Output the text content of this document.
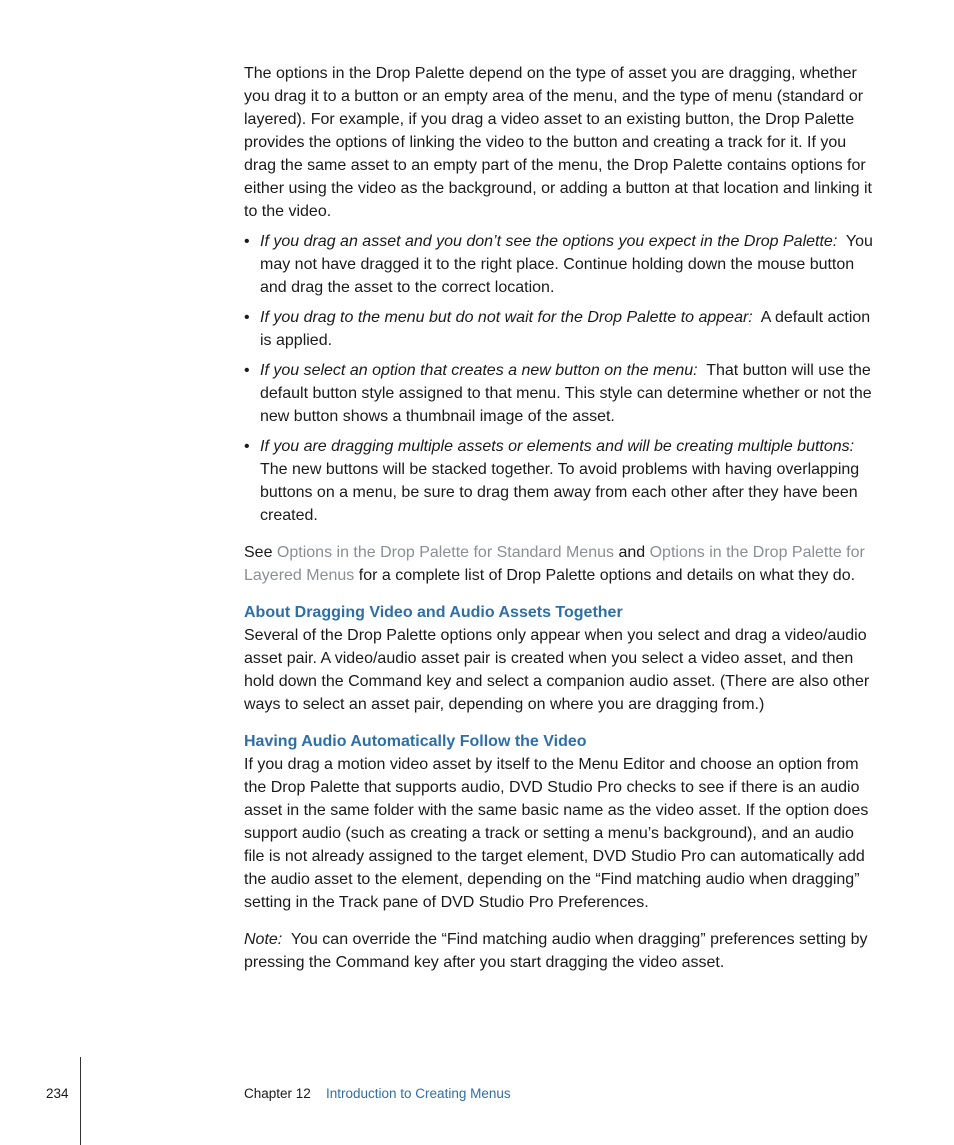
The options in the Drop Palette depend on the type of asset you are dragging, whether you drag it to a button or an empty area of the menu, and the type of menu (standard or layered). For example, if you drag a video asset to an existing button, the Drop Palette provides the options of linking the video to the button and creating a track for it. If you drag the same asset to an empty part of the menu, the Drop Palette contains options for either using the video as the background, or adding a button at that location and linking it to the video.

• If you drag an asset and you don’t see the options you expect in the Drop Palette: You may not have dragged it to the right place. Continue holding down the mouse button and drag the asset to the correct location.
• If you drag to the menu but do not wait for the Drop Palette to appear: A default action is applied.
• If you select an option that creates a new button on the menu: That button will use the default button style assigned to that menu. This style can determine whether or not the new button shows a thumbnail image of the asset.
• If you are dragging multiple assets or elements and will be creating multiple buttons:  The new buttons will be stacked together. To avoid problems with having overlapping buttons on a menu, be sure to drag them away from each other after they have been created.

See Options in the Drop Palette for Standard Menus and Options in the Drop Palette for Layered Menus for a complete list of Drop Palette options and details on what they do.

About Dragging Video and Audio Assets Together

Several of the Drop Palette options only appear when you select and drag a video/audio asset pair. A video/audio asset pair is created when you select a video asset, and then hold down the Command key and select a companion audio asset. (There are also other ways to select an asset pair, depending on where you are dragging from.)

Having Audio Automatically Follow the Video

If you drag a motion video asset by itself to the Menu Editor and choose an option from the Drop Palette that supports audio, DVD Studio Pro checks to see if there is an audio asset in the same folder with the same basic name as the video asset. If the option does support audio (such as creating a track or setting a menu’s background), and an audio file is not already assigned to the target element, DVD Studio Pro can automatically add the audio asset to the element, depending on the “Find matching audio when dragging” setting in the Track pane of DVD Studio Pro Preferences.

Note: You can override the “Find matching audio when dragging” preferences setting by pressing the Command key after you start dragging the video asset.

234	Chapter 12 Introduction to Creating Menus
